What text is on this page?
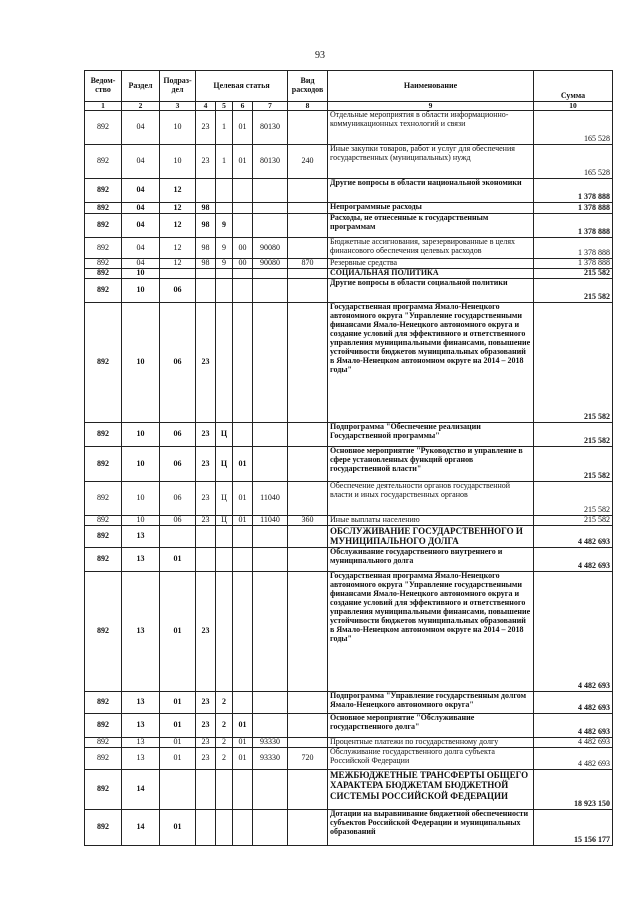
93
Ведом-ство	Раздел	Подраз-дел	Целевая статья				Вид расходов	Наименование	Сумма
1	2	3	4	5	6	7	8	9	10
892	04	10	23	1	01	80130		Отдельные мероприятия в области информационно-коммуникационных технологий и связи	165 528
892	04	10	23	1	01	80130	240	Иные закупки товаров, работ и услуг для обеспечения государственных (муниципальных) нужд	165 528
892	04	12						Другие вопросы в области национальной экономики	1 378 888
892	04	12	98					Непрограммные расходы	1 378 888
892	04	12	98	9				Расходы, не отнесенные к государственным программам	1 378 888
892	04	12	98	9	00	90080		Бюджетные ассигнования, зарезервированные в целях финансового обеспечения целевых расходов	1 378 888
892	04	12	98	9	00	90080	870	Резервные средства	1 378 888
892	10							СОЦИАЛЬНАЯ ПОЛИТИКА	215 582
892	10	06						Другие вопросы в области социальной политики	215 582
892	10	06	23					Государственная программа Ямало-Ненецкого автономного округа "Управление государственными финансами Ямало-Ненецкого автономного округа и создание условий для эффективного и ответственного управления муниципальными финансами, повышение устойчивости бюджетов муниципальных образований в Ямало-Ненецком автономном округе на 2014 – 2018 годы"	215 582
892	10	06	23	Ц				Подпрограмма "Обеспечение реализации Государственной программы"	215 582
892	10	06	23	Ц	01			Основное мероприятие "Руководство и управление в сфере установленных функций органов государственной власти"	215 582
892	10	06	23	Ц	01	11040		Обеспечение деятельности органов государственной власти и иных государственных органов	215 582
892	10	06	23	Ц	01	11040	360	Иные выплаты населению	215 582
892	13							ОБСЛУЖИВАНИЕ ГОСУДАРСТВЕННОГО И МУНИЦИПАЛЬНОГО ДОЛГА	4 482 693
892	13	01						Обслуживание государственного внутреннего и муниципального долга	4 482 693
892	13	01	23					Государственная программа Ямало-Ненецкого автономного округа "Управление государственными финансами Ямало-Ненецкого автономного округа и создание условий для эффективного и ответственного управления муниципальными финансами, повышение устойчивости бюджетов муниципальных образований в Ямало-Ненецком автономном округе на 2014 – 2018 годы"	4 482 693
892	13	01	23	2				Подпрограмма "Управление государственным долгом Ямало-Ненецкого автономного округа"	4 482 693
892	13	01	23	2	01			Основное мероприятие "Обслуживание государственного долга"	4 482 693
892	13	01	23	2	01	93330		Процентные платежи по государственному долгу	4 482 693
892	13	01	23	2	01	93330	720	Обслуживание государственного долга субъекта Российской Федерации	4 482 693
892	14							МЕЖБЮДЖЕТНЫЕ ТРАНСФЕРТЫ ОБЩЕГО ХАРАКТЕРА БЮДЖЕТАМ БЮДЖЕТНОЙ СИСТЕМЫ РОССИЙСКОЙ ФЕДЕРАЦИИ	18 923 150
892	14	01						Дотации на выравнивание бюджетной обеспеченности субъектов Российской Федерации и муниципальных образований	15 156 177
